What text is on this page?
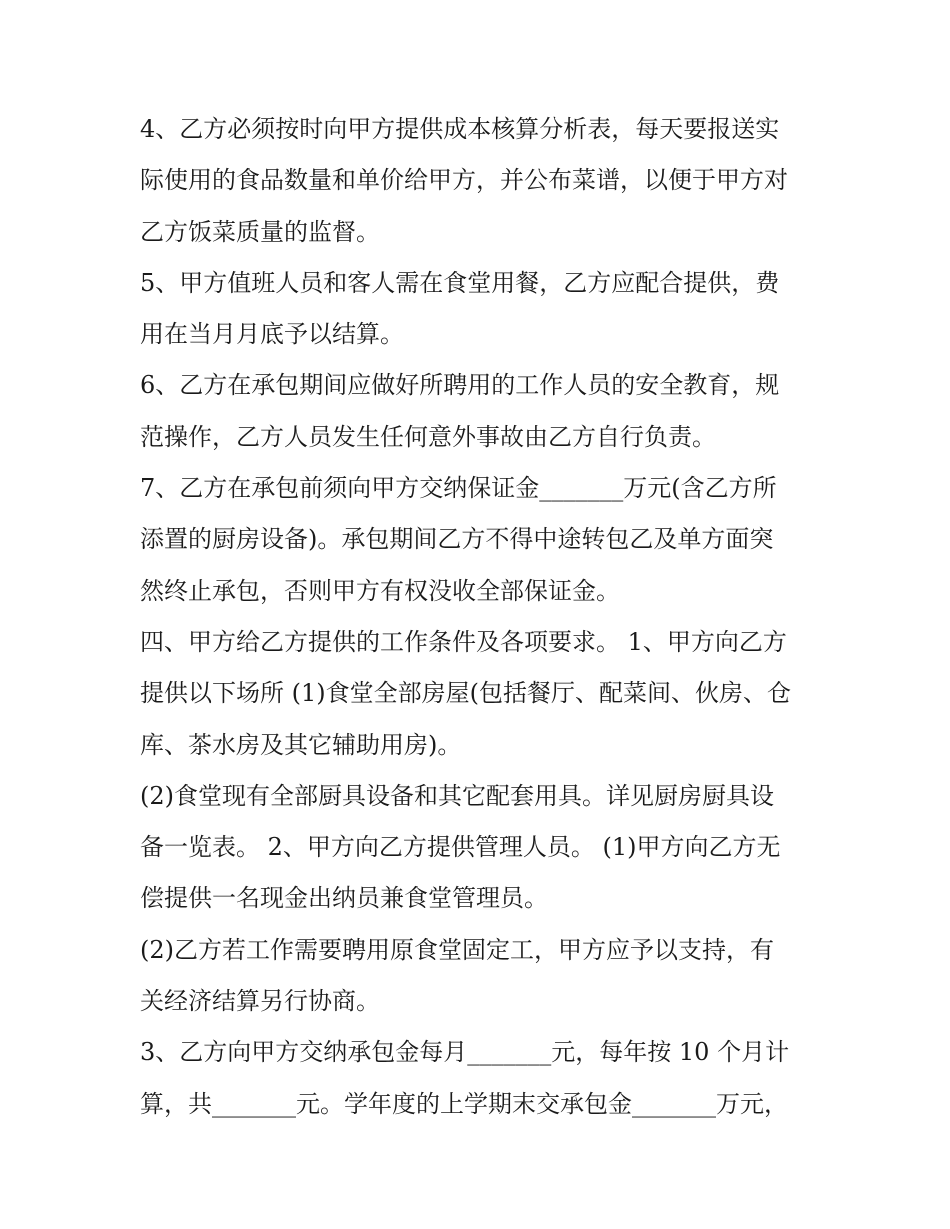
4、乙方必须按时向甲方提供成本核算分析表，每天要报送实
际使用的食品数量和单价给甲方，并公布菜谱，以便于甲方对
乙方饭菜质量的监督。
5、甲方值班人员和客人需在食堂用餐，乙方应配合提供，费
用在当月月底予以结算。
6、乙方在承包期间应做好所聘用的工作人员的安全教育，规
范操作，乙方人员发生任何意外事故由乙方自行负责。
7、乙方在承包前须向甲方交纳保证金_______万元(含乙方所
添置的厨房设备)。承包期间乙方不得中途转包乙及单方面突
然终止承包，否则甲方有权没收全部保证金。
四、甲方给乙方提供的工作条件及各项要求。 1、甲方向乙方
提供以下场所 (1)食堂全部房屋(包括餐厅、配菜间、伙房、仓
库、茶水房及其它辅助用房)。
(2)食堂现有全部厨具设备和其它配套用具。详见厨房厨具设
备一览表。 2、甲方向乙方提供管理人员。 (1)甲方向乙方无
偿提供一名现金出纳员兼食堂管理员。
(2)乙方若工作需要聘用原食堂固定工，甲方应予以支持，有
关经济结算另行协商。
3、乙方向甲方交纳承包金每月_______元，每年按 10 个月计
算，共_______元。学年度的上学期末交承包金_______万元，
